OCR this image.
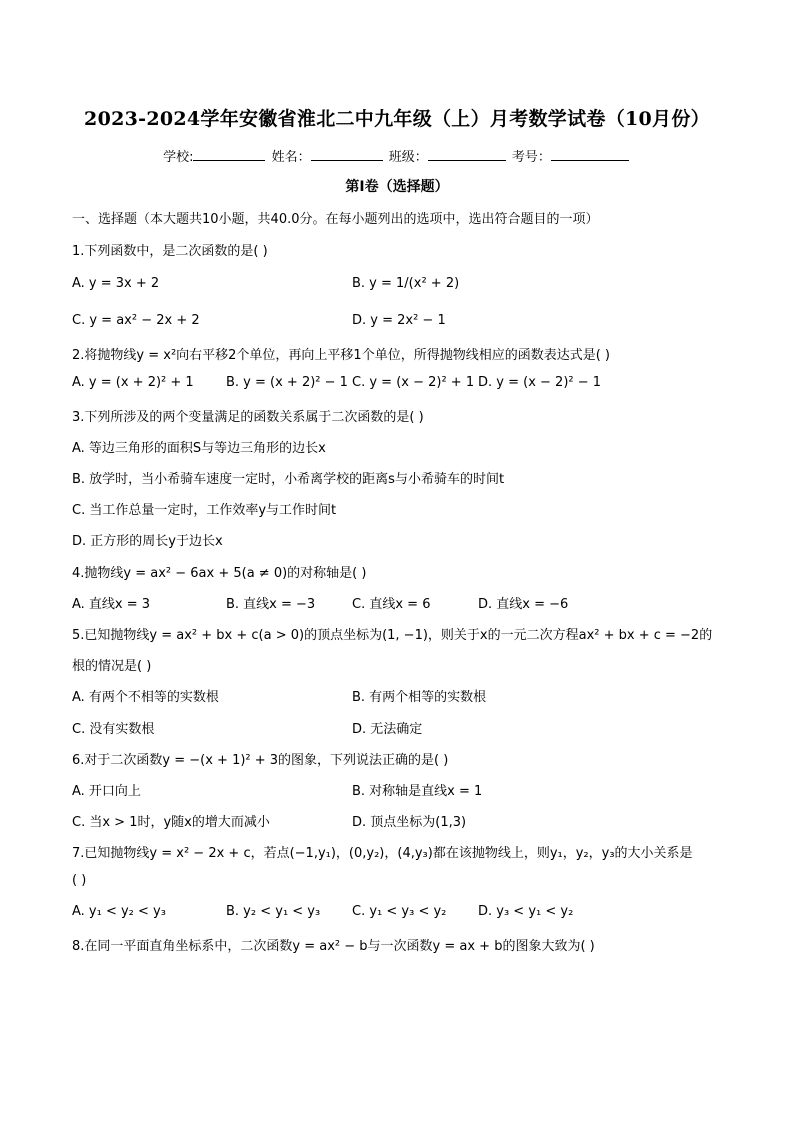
2023-2024学年安徽省淮北二中九年级（上）月考数学试卷（10月份）
学校:	姓名：	班级：	考号：
第I卷（选择题）
一、选择题（本大题共10小题，共40.0分。在每小题列出的选项中，选出符合题目的一项）
1.下列函数中，是二次函数的是( )
A. y = 3x + 2	B. y = 1/(x² + 2)
C. y = ax² − 2x + 2	D. y = 2x² − 1
2.将抛物线y = x²向右平移2个单位，再向上平移1个单位，所得抛物线相应的函数表达式是( )
A. y = (x + 2)² + 1 B. y = (x + 2)² − 1 C. y = (x − 2)² + 1 D. y = (x − 2)² − 1
3.下列所涉及的两个变量满足的函数关系属于二次函数的是( )
A. 等边三角形的面积S与等边三角形的边长x
B. 放学时，当小希骑车速度一定时，小希离学校的距离s与小希骑车的时间t
C. 当工作总量一定时，工作效率y与工作时间t
D. 正方形的周长y于边长x
4.抛物线y = ax² − 6ax + 5(a ≠ 0)的对称轴是( )
A. 直线x = 3	B. 直线x = −3	C. 直线x = 6	D. 直线x = −6
5.已知抛物线y = ax² + bx + c(a > 0)的顶点坐标为(1, −1)，则关于x的一元二次方程ax² + bx + c = −2的
根的情况是( )
A. 有两个不相等的实数根	B. 有两个相等的实数根
C. 没有实数根	D. 无法确定
6.对于二次函数y = −(x + 1)² + 3的图象，下列说法正确的是( )
A. 开口向上	B. 对称轴是直线x = 1
C. 当x > 1时，y随x的增大而减小	D. 顶点坐标为(1,3)
7.已知抛物线y = x² − 2x + c，若点(−1,y₁)，(0,y₂)，(4,y₃)都在该抛物线上，则y₁，y₂，y₃的大小关系是
( )
A. y₁ < y₂ < y₃	B. y₂ < y₁ < y₃ C. y₁ < y₃ < y₂ D. y₃ < y₁ < y₂
8.在同一平面直角坐标系中，二次函数y = ax² − b与一次函数y = ax + b的图象大致为( )
